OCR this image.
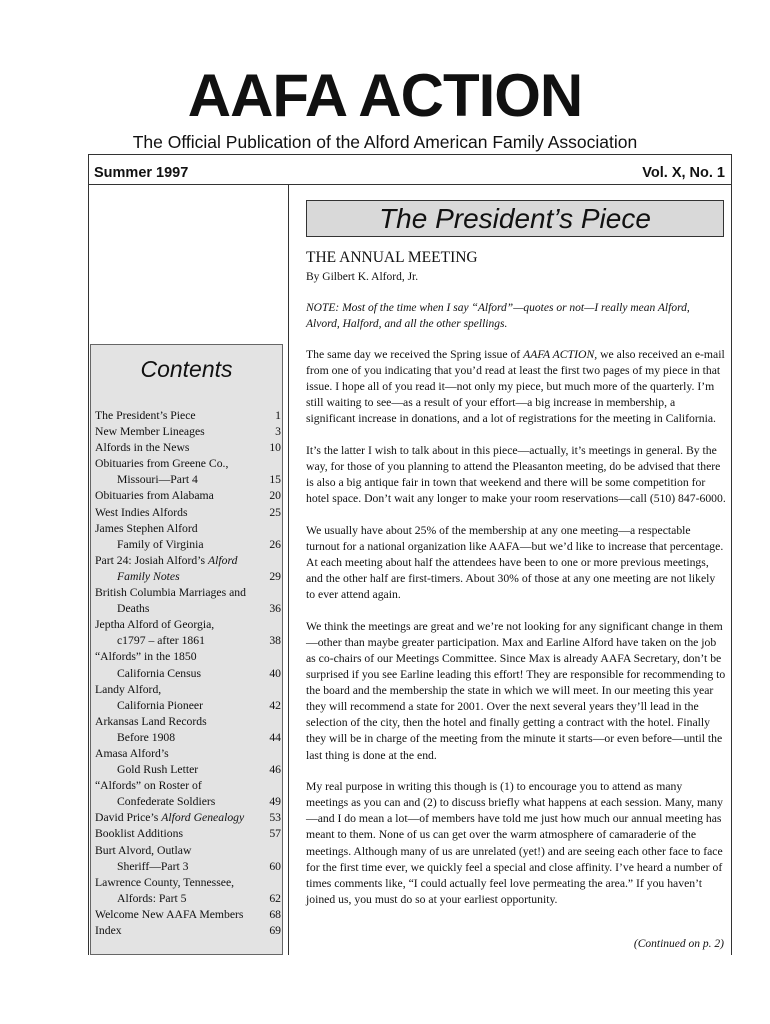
AAFA ACTION
The Official Publication of the Alford American Family Association
Summer 1997	Vol. X, No. 1
The President’s Piece
THE ANNUAL MEETING
By Gilbert K. Alford, Jr.
NOTE: Most of the time when I say “Alford”—quotes or not—I really mean Alford, Alvord, Halford, and all the other spellings.

The same day we received the Spring issue of AAFA ACTION, we also received an e-mail from one of you indicating that you’d read at least the first two pages of my piece in that issue. I hope all of you read it—not only my piece, but much more of the quarterly. I’m still waiting to see—as a result of your effort—a big increase in membership, a significant increase in donations, and a lot of registrations for the meeting in California.

It’s the latter I wish to talk about in this piece—actually, it’s meetings in general. By the way, for those of you planning to attend the Pleasanton meeting, do be advised that there is also a big antique fair in town that weekend and there will be some competition for hotel space. Don’t wait any longer to make your room reservations—call (510) 847-6000.

We usually have about 25% of the membership at any one meeting—a respectable turnout for a national organization like AAFA—but we’d like to increase that percentage. At each meeting about half the attendees have been to one or more previous meetings, and the other half are first-timers. About 30% of those at any one meeting are not likely to ever attend again.

We think the meetings are great and we’re not looking for any significant change in them—other than maybe greater participation. Max and Earline Alford have taken on the job as co-chairs of our Meetings Committee. Since Max is already AAFA Secretary, don’t be surprised if you see Earline leading this effort! They are responsible for recommending to the board and the membership the state in which we will meet. In our meeting this year they will recommend a state for 2001. Over the next several years they’ll lead in the selection of the city, then the hotel and finally getting a contract with the hotel. Finally they will be in charge of the meeting from the minute it starts—or even before—until the last thing is done at the end.

My real purpose in writing this though is (1) to encourage you to attend as many meetings as you can and (2) to discuss briefly what happens at each session. Many, many—and I do mean a lot—of members have told me just how much our annual meeting has meant to them. None of us can get over the warm atmosphere of camaraderie of the meetings. Although many of us are unrelated (yet!) and are seeing each other face to face for the first time ever, we quickly feel a special and close affinity. I’ve heard a number of times comments like, “I could actually feel love permeating the area.” If you haven’t joined us, you must do so at your earliest opportunity.

(Continued on p. 2)
Contents
The President’s Piece	1
New Member Lineages	3
Alfords in the News	10
Obituaries from Greene Co.,
Missouri—Part 4	15
Obituaries from Alabama	20
West Indies Alfords	25
James Stephen Alford
Family of Virginia	26
Part 24: Josiah Alford’s Alford
Family Notes	29
British Columbia Marriages and
Deaths	36
Jeptha Alford of Georgia,
c1797 – after 1861	38
“Alfords” in the 1850
California Census	40
Landy Alford,
California Pioneer	42
Arkansas Land Records
Before 1908	44
Amasa Alford’s
Gold Rush Letter	46
“Alfords” on Roster of
Confederate Soldiers	49
David Price’s Alford Genealogy	53
Booklist Additions	57
Burt Alvord, Outlaw
Sheriff—Part 3	60
Lawrence County, Tennessee,
Alfords: Part 5	62
Welcome New AAFA Members	68
Index	69
